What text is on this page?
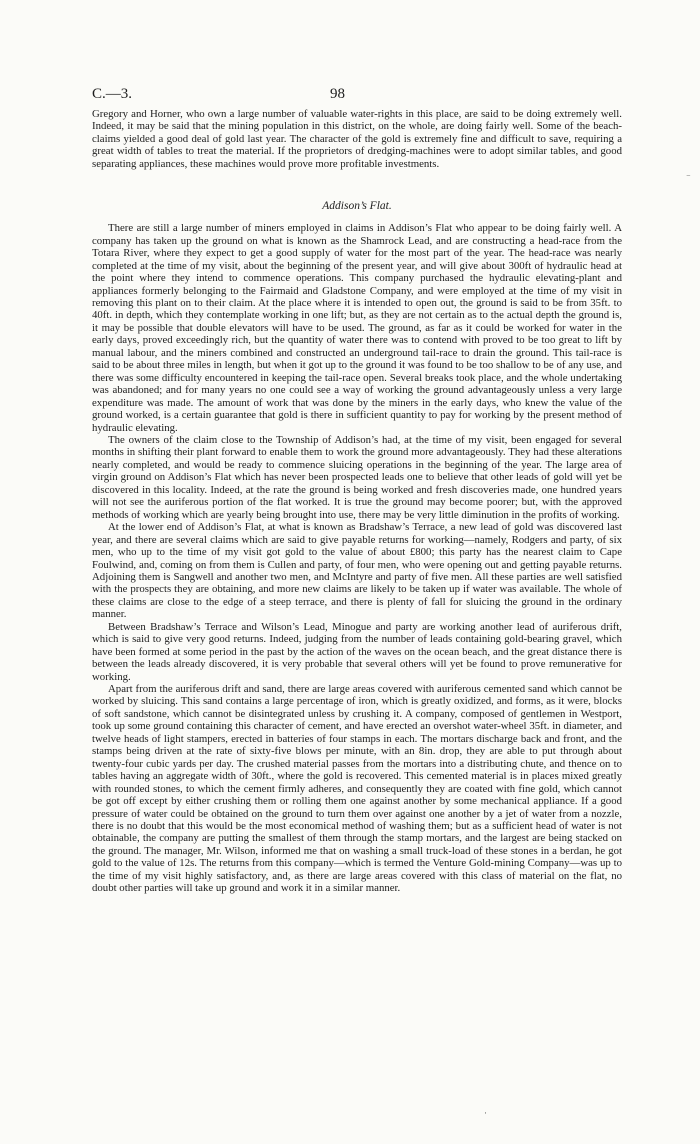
C.—3.	98

Gregory and Horner, who own a large number of valuable water-rights in this place, are said to be doing extremely well. Indeed, it may be said that the mining population in this district, on the whole, are doing fairly well. Some of the beach-claims yielded a good deal of gold last year. The character of the gold is extremely fine and difficult to save, requiring a great width of tables to treat the material. If the proprietors of dredging-machines were to adopt similar tables, and good separating appliances, these machines would prove more profitable investments.

Addison’s Flat.

There are still a large number of miners employed in claims in Addison’s Flat who appear to be doing fairly well. A company has taken up the ground on what is known as the Shamrock Lead, and are constructing a head-race from the Totara River, where they expect to get a good supply of water for the most part of the year. The head-race was nearly completed at the time of my visit, about the beginning of the present year, and will give about 300ft of hydraulic head at the point where they intend to commence operations. This company purchased the hydraulic elevating-plant and appliances formerly belonging to the Fairmaid and Gladstone Company, and were employed at the time of my visit in removing this plant on to their claim. At the place where it is intended to open out, the ground is said to be from 35ft. to 40ft. in depth, which they contemplate working in one lift; but, as they are not certain as to the actual depth the ground is, it may be possible that double elevators will have to be used. The ground, as far as it could be worked for water in the early days, proved exceedingly rich, but the quantity of water there was to contend with proved to be too great to lift by manual labour, and the miners combined and constructed an underground tail-race to drain the ground. This tail-race is said to be about three miles in length, but when it got up to the ground it was found to be too shallow to be of any use, and there was some difficulty encountered in keeping the tail-race open. Several breaks took place, and the whole undertaking was abandoned; and for many years no one could see a way of working the ground advantageously unless a very large expenditure was made. The amount of work that was done by the miners in the early days, who knew the value of the ground worked, is a certain guarantee that gold is there in sufficient quantity to pay for working by the present method of hydraulic elevating.

The owners of the claim close to the Township of Addison’s had, at the time of my visit, been engaged for several months in shifting their plant forward to enable them to work the ground more advantageously. They had these alterations nearly completed, and would be ready to commence sluicing operations in the beginning of the year. The large area of virgin ground on Addison’s Flat which has never been prospected leads one to believe that other leads of gold will yet be discovered in this locality. Indeed, at the rate the ground is being worked and fresh discoveries made, one hundred years will not see the auriferous portion of the flat worked. It is true the ground may become poorer; but, with the approved methods of working which are yearly being brought into use, there may be very little diminution in the profits of working.

At the lower end of Addison’s Flat, at what is known as Bradshaw’s Terrace, a new lead of gold was discovered last year, and there are several claims which are said to give payable returns for working—namely, Rodgers and party, of six men, who up to the time of my visit got gold to the value of about £800; this party has the nearest claim to Cape Foulwind, and, coming on from them is Cullen and party, of four men, who were opening out and getting payable returns. Adjoining them is Sangwell and another two men, and McIntyre and party of five men. All these parties are well satisfied with the prospects they are obtaining, and more new claims are likely to be taken up if water was available. The whole of these claims are close to the edge of a steep terrace, and there is plenty of fall for sluicing the ground in the ordinary manner.

Between Bradshaw’s Terrace and Wilson’s Lead, Minogue and party are working another lead of auriferous drift, which is said to give very good returns. Indeed, judging from the number of leads containing gold-bearing gravel, which have been formed at some period in the past by the action of the waves on the ocean beach, and the great distance there is between the leads already discovered, it is very probable that several others will yet be found to prove remunerative for working.

Apart from the auriferous drift and sand, there are large areas covered with auriferous cemented sand which cannot be worked by sluicing. This sand contains a large percentage of iron, which is greatly oxidized, and forms, as it were, blocks of soft sandstone, which cannot be disintegrated unless by crushing it. A company, composed of gentlemen in Westport, took up some ground containing this character of cement, and have erected an overshot water-wheel 35ft. in diameter, and twelve heads of light stampers, erected in batteries of four stamps in each. The mortars discharge back and front, and the stamps being driven at the rate of sixty-five blows per minute, with an 8in. drop, they are able to put through about twenty-four cubic yards per day. The crushed material passes from the mortars into a distributing chute, and thence on to tables having an aggregate width of 30ft., where the gold is recovered. This cemented material is in places mixed greatly with rounded stones, to which the cement firmly adheres, and consequently they are coated with fine gold, which cannot be got off except by either crushing them or rolling them one against another by some mechanical appliance. If a good pressure of water could be obtained on the ground to turn them over against one another by a jet of water from a nozzle, there is no doubt that this would be the most economical method of washing them; but as a sufficient head of water is not obtainable, the company are putting the smallest of them through the stamp mortars, and the largest are being stacked on the ground. The manager, Mr. Wilson, informed me that on washing a small truck-load of these stones in a berdan, he got gold to the value of 12s. The returns from this company—which is termed the Venture Gold-mining Company—was up to the time of my visit highly satisfactory, and, as there are large areas covered with this class of material on the flat, no doubt other parties will take up ground and work it in a similar manner.

⁻
·
